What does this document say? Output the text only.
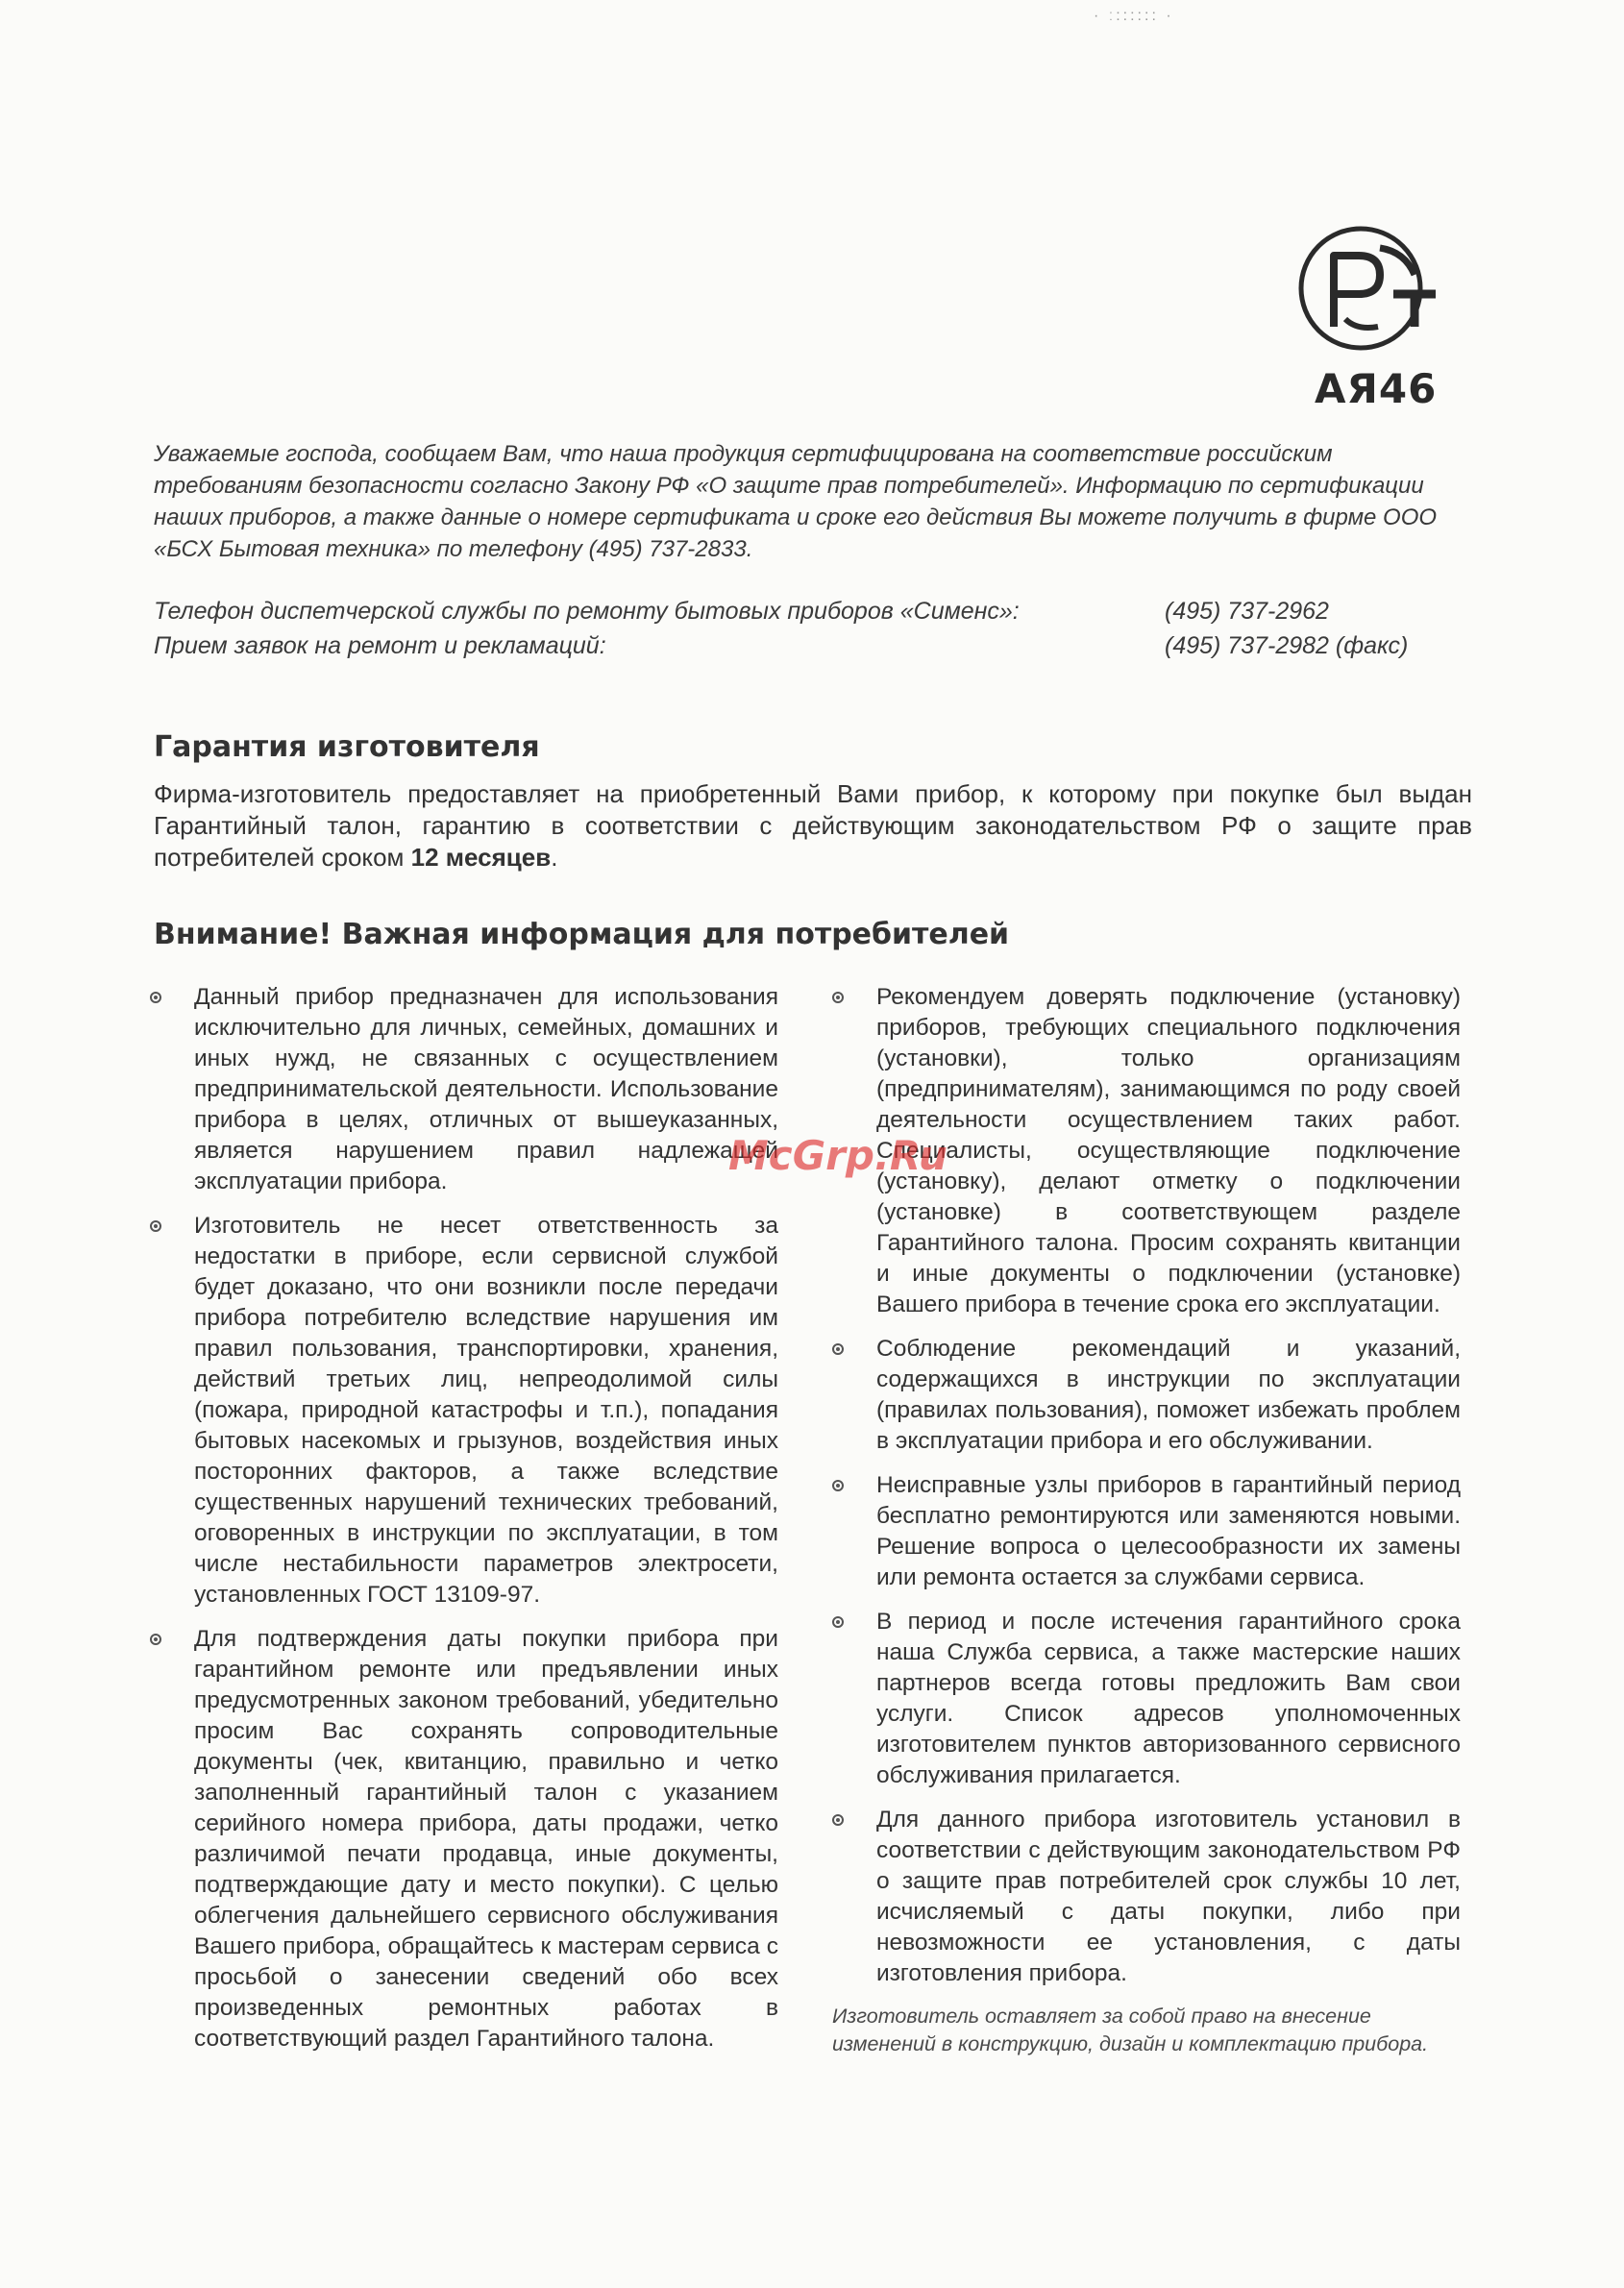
· ː:::::: ·
АЯ46

Уважаемые господа, сообщаем Вам, что наша продукция сертифицирована на соответствие российским требованиям безопасности согласно Закону РФ «О защите прав потребителей». Информацию по сертификации наших приборов, а также данные о номере сертификата и сроке его действия Вы можете получить в фирме ООО «БСХ Бытовая техника» по телефону (495) 737-2833.

Телефон диспетчерской службы по ремонту бытовых приборов «Сименс»:	(495) 737-2962
Прием заявок на ремонт и рекламаций:	(495) 737-2982 (факс)
Гарантия изготовителя

Фирма-изготовитель предоставляет на приобретенный Вами прибор, к которому при покупке был выдан Гарантийный талон, гарантию в соответствии с действующим законодательством РФ о защите прав потребителей сроком 12 месяцев.

Внимание! Важная информация для потребителей
Данный прибор предназначен для использования исключительно для личных, семейных, домашних и иных нужд, не связанных с осуществлением предпринимательской деятельности. Использование прибора в целях, отличных от вышеуказанных, является нарушением правил надлежащей эксплуатации прибора.
Изготовитель не несет ответственность за недостатки в приборе, если сервисной службой будет доказано, что они возникли после передачи прибора потребителю вследствие нарушения им правил пользования, транспортировки, хранения, действий третьих лиц, непреодолимой силы (пожара, природной катастрофы и т.п.), попадания бытовых насекомых и грызунов, воздействия иных посторонних факторов, а также вследствие существенных нарушений технических требований, оговоренных в инструкции по эксплуатации, в том числе нестабильности параметров электросети, установленных ГОСТ 13109-97.
Для подтверждения даты покупки прибора при гарантийном ремонте или предъявлении иных предусмотренных законом требований, убедительно просим Вас сохранять сопроводительные документы (чек, квитанцию, правильно и четко заполненный гарантийный талон с указанием серийного номера прибора, даты продажи, четко различимой печати продавца, иные документы, подтверждающие дату и место покупки). С целью облегчения дальнейшего сервисного обслуживания Вашего прибора, обращайтесь к мастерам сервиса с просьбой о занесении сведений обо всех произведенных ремонтных работах в соответствующий раздел Гарантийного талона.
Рекомендуем доверять подключение (установку) приборов, требующих специального подключения (установки), только организациям (предпринимателям), занимающимся по роду своей деятельности осуществлением таких работ. Специалисты, осуществляющие подключение (установку), делают отметку о подключении (установке) в соответствующем разделе Гарантийного талона. Просим сохранять квитанции и иные документы о подключении (установке) Вашего прибора в течение срока его эксплуатации.
Соблюдение рекомендаций и указаний, содержащихся в инструкции по эксплуатации (правилах пользования), поможет избежать проблем в эксплуатации прибора и его обслуживании.
Неисправные узлы приборов в гарантийный период бесплатно ремонтируются или заменяются новыми. Решение вопроса о целесообразности их замены или ремонта остается за службами сервиса.
В период и после истечения гарантийного срока наша Служба сервиса, а также мастерские наших партнеров всегда готовы предложить Вам свои услуги. Список адресов уполномоченных изготовителем пунктов авторизованного сервисного обслуживания прилагается.
Для данного прибора изготовитель установил в соответствии с действующим законодательством РФ о защите прав потребителей срок службы 10 лет, исчисляемый с даты покупки, либо при невозможности ее установления, с даты изготовления прибора.

Изготовитель оставляет за собой право на внесение изменений в конструкцию, дизайн и комплектацию прибора.

McGrp.Ru
